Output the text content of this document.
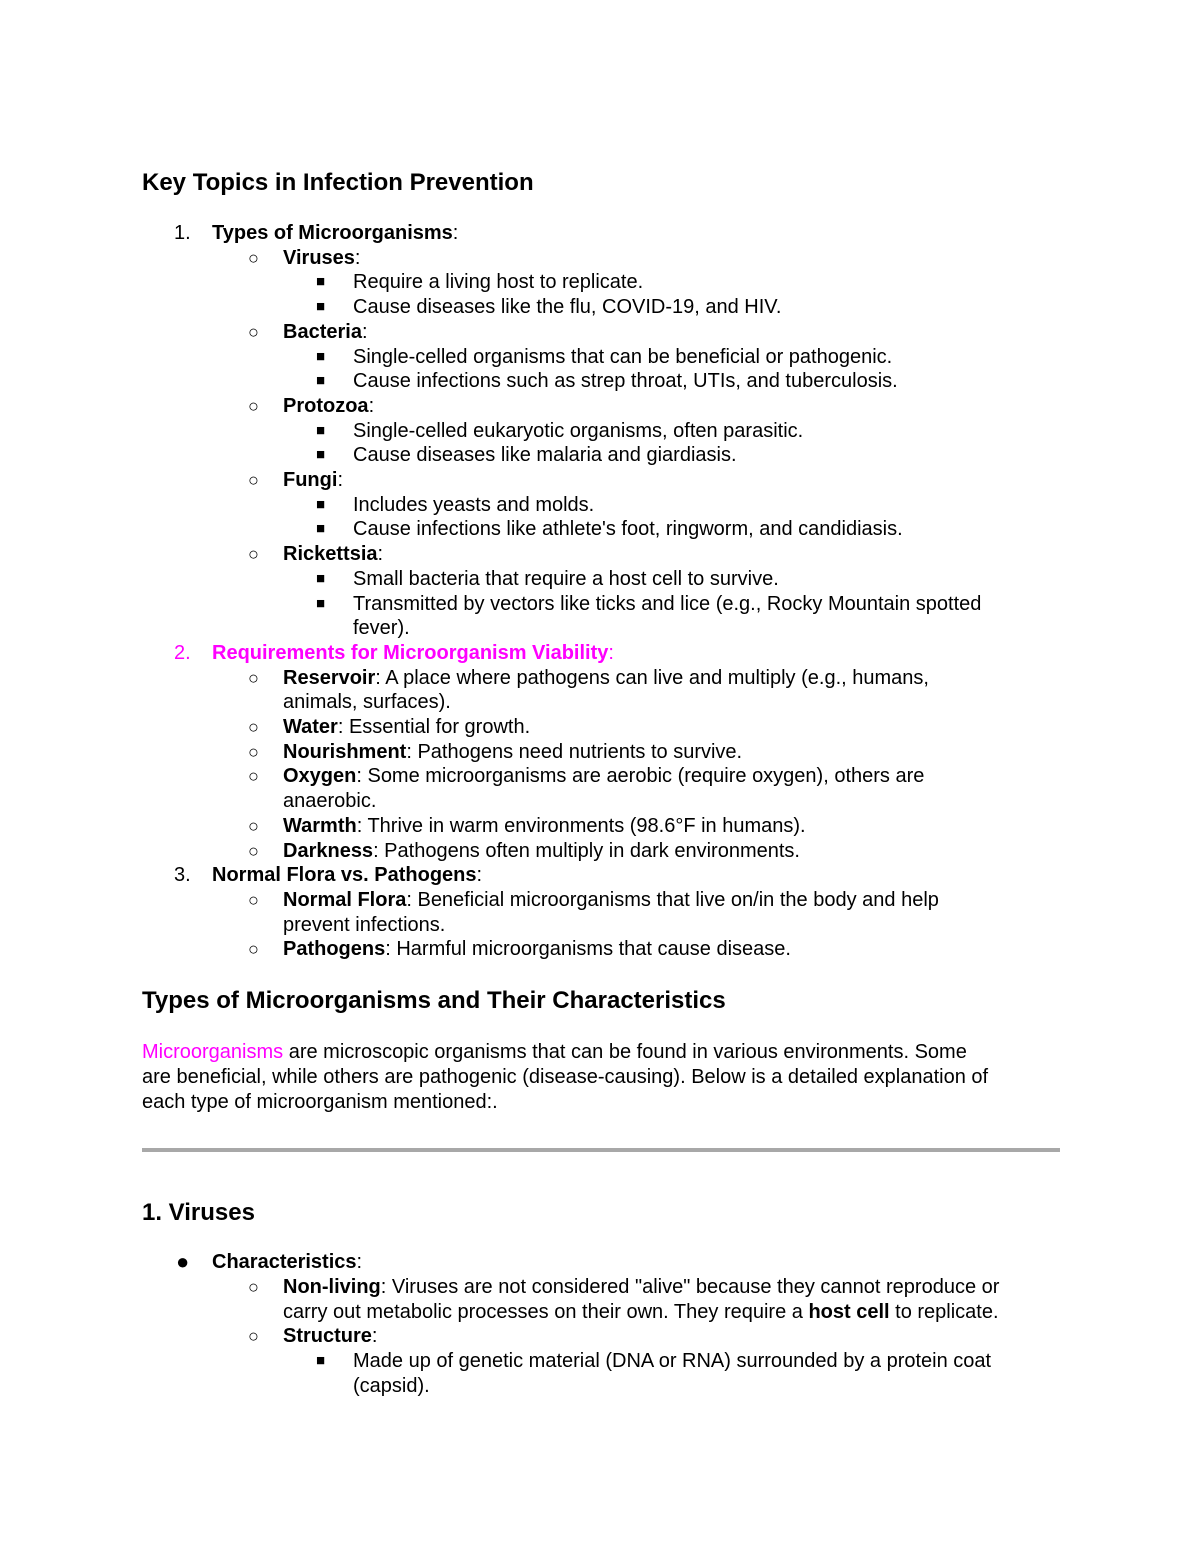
Key Topics in Infection Prevention
1. Types of Microorganisms:
○ Viruses:
■ Require a living host to replicate.
■ Cause diseases like the flu, COVID-19, and HIV.
○ Bacteria:
■ Single-celled organisms that can be beneficial or pathogenic.
■ Cause infections such as strep throat, UTIs, and tuberculosis.
○ Protozoa:
■ Single-celled eukaryotic organisms, often parasitic.
■ Cause diseases like malaria and giardiasis.
○ Fungi:
■ Includes yeasts and molds.
■ Cause infections like athlete's foot, ringworm, and candidiasis.
○ Rickettsia:
■ Small bacteria that require a host cell to survive.
■ Transmitted by vectors like ticks and lice (e.g., Rocky Mountain spotted
fever).
2. Requirements for Microorganism Viability:
○ Reservoir: A place where pathogens can live and multiply (e.g., humans,
animals, surfaces).
○ Water: Essential for growth.
○ Nourishment: Pathogens need nutrients to survive.
○ Oxygen: Some microorganisms are aerobic (require oxygen), others are
anaerobic.
○ Warmth: Thrive in warm environments (98.6°F in humans).
○ Darkness: Pathogens often multiply in dark environments.
3. Normal Flora vs. Pathogens:
○ Normal Flora: Beneficial microorganisms that live on/in the body and help
prevent infections.
○ Pathogens: Harmful microorganisms that cause disease.
Types of Microorganisms and Their Characteristics
Microorganisms are microscopic organisms that can be found in various environments. Some
are beneficial, while others are pathogenic (disease-causing). Below is a detailed explanation of
each type of microorganism mentioned:.
1. Viruses
● Characteristics:
○ Non-living: Viruses are not considered "alive" because they cannot reproduce or
carry out metabolic processes on their own. They require a host cell to replicate.
○ Structure:
■ Made up of genetic material (DNA or RNA) surrounded by a protein coat
(capsid).
